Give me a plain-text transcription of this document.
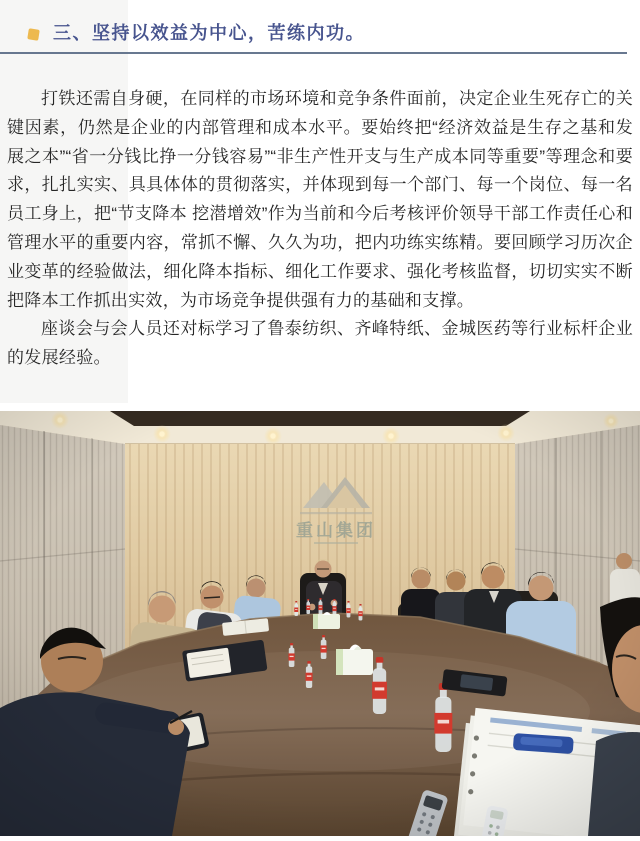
三、坚持以效益为中心，苦练内功。

打铁还需自身硬，在同样的市场环境和竞争条件面前，决定企业生死存亡的关键因素，仍然是企业的内部管理和成本水平。要始终把“经济效益是生存之基和发展之本”“省一分钱比挣一分钱容易”“非生产性开支与生产成本同等重要”等理念和要求，扎扎实实、具具体体的贯彻落实，并体现到每一个部门、每一个岗位、每一名员工身上，把“节支降本 挖潜增效”作为当前和今后考核评价领导干部工作责任心和管理水平的重要内容，常抓不懈、久久为功，把内功练实练精。要回顾学习历次企业变革的经验做法，细化降本指标、细化工作要求、强化考核监督，切切实实不断把降本工作抓出实效，为市场竞争提供强有力的基础和支撑。

座谈会与会人员还对标学习了鲁泰纺织、齐峰特纸、金城医药等行业标杆企业的发展经验。
